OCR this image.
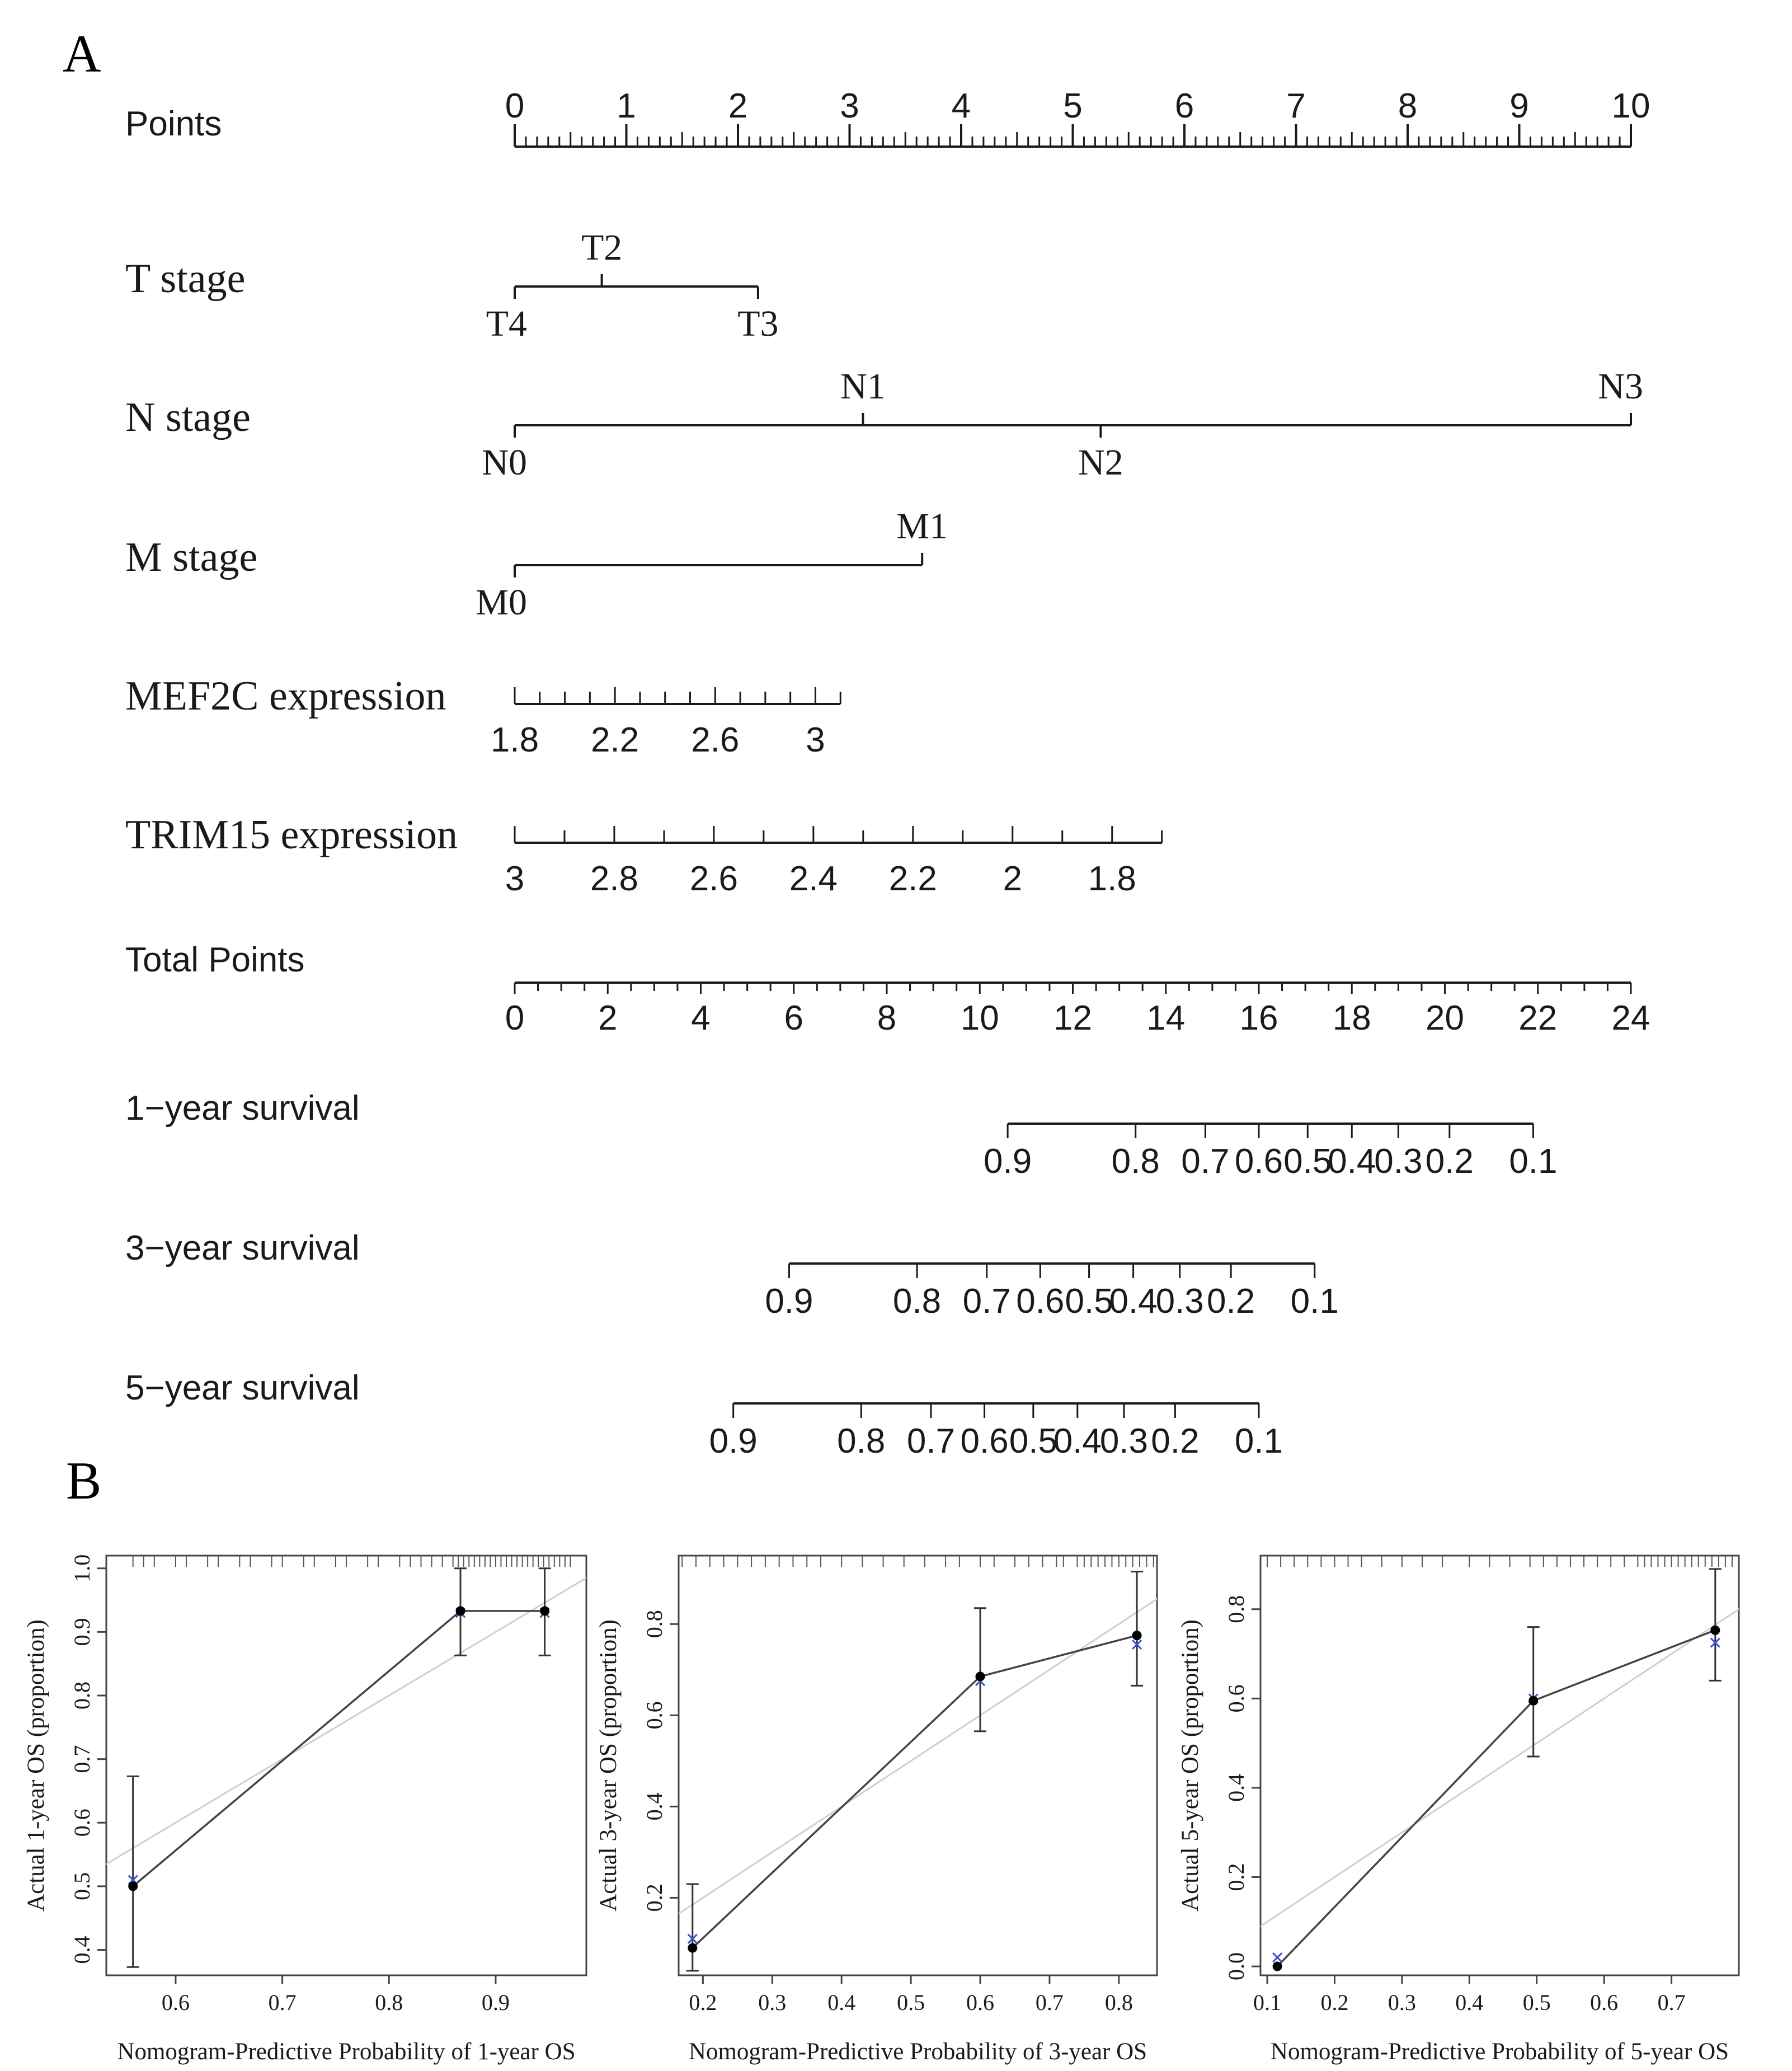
A
Points	0	1	2	3	4	5	6	7	8	9 10
T stage
T4
T2
T3
N stage
N0
N1
N2
N3
M stage
M0
M1
MEF2C expression
1.8 2.2 2.6 3
TRIM15 expression
3 2.8 2.6 2.4 2.2 2 1.8
Total Points
0 2 4 6 8 10 12 14 16 18 20 22 24
1−year survival
0.9 0.8 0.7 0.6 0.5
0.4
0.3 0.2 0.1
3−year survival
0.9 0.8 0.7 0.6 0.5
0.4
0.3 0.2 0.1
5−year survival
0.9 0.8 0.7 0.6 0.5
0.4
0.3 0.2 0.1
B
0.6	0.7	0.8	0.9
0.4
0.5
0.6
0.7
0.8
0.9
1.0
Nomogram-Predictive Probability of 1-year OS
Actual 1-year OS (proportion)
0.2 0.3 0.4 0.5 0.6 0.7 0.8
0.2
0.4
0.6
0.8
Nomogram-Predictive Probability of 3-year OS
Actual 3-year OS (proportion)
0.1 0.2 0.3 0.4 0.5 0.6 0.7
0.0
0.2
0.4
0.6
0.8
Nomogram-Predictive Probability of 5-year OS
Actual 5-year OS (proportion)
